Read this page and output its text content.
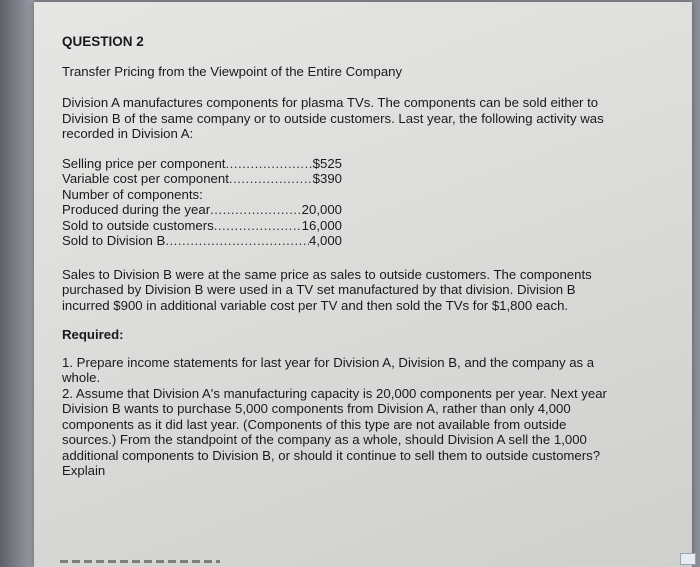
QUESTION 2
Transfer Pricing from the Viewpoint of the Entire Company
Division A manufactures components for plasma TVs. The components can be sold either to Division B of the same company or to outside customers. Last year, the following activity was recorded in Division A:
Selling price per component .....	$525
Variable cost per component .....	$390
Number of components:
Produced during the year .....	20,000
Sold to outside customers .....	16,000
Sold to Division B .....	4,000
Sales to Division B were at the same price as sales to outside customers. The components purchased by Division B were used in a TV set manufactured by that division. Division B incurred $900 in additional variable cost per TV and then sold the TVs for $1,800 each.
Required:
1. Prepare income statements for last year for Division A, Division B, and the company as a whole.
2. Assume that Division A's manufacturing capacity is 20,000 components per year. Next year Division B wants to purchase 5,000 components from Division A, rather than only 4,000 components as it did last year. (Components of this type are not available from outside sources.) From the standpoint of the company as a whole, should Division A sell the 1,000 additional components to Division B, or should it continue to sell them to outside customers? Explain
